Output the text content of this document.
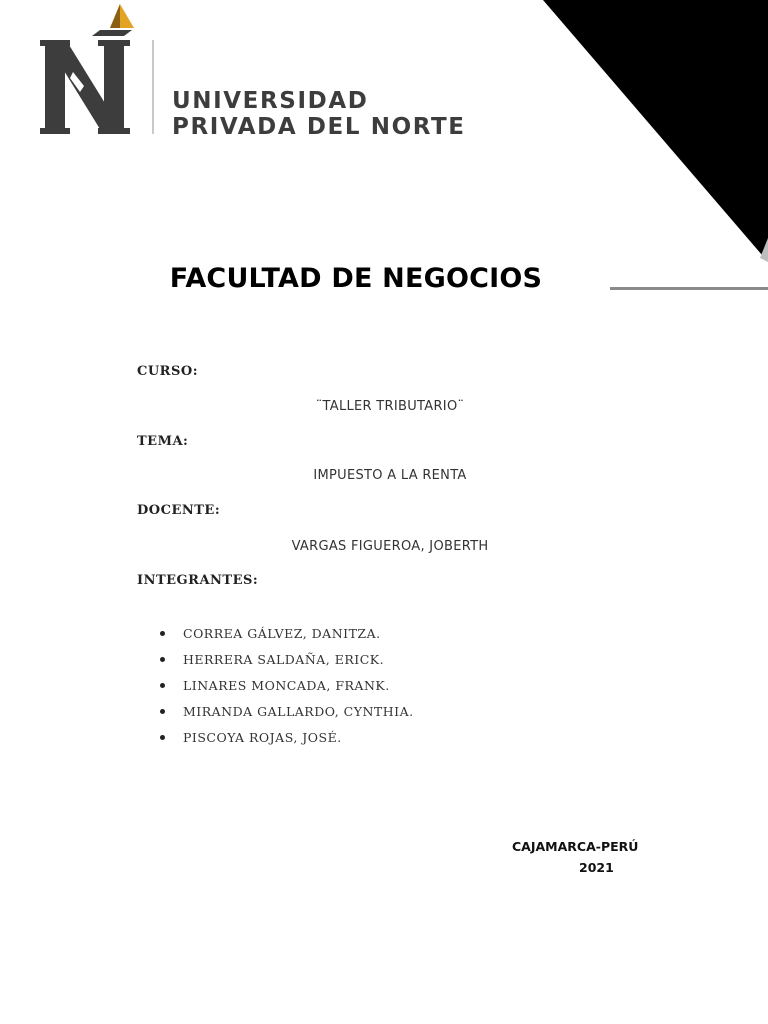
UNIVERSIDAD
PRIVADA DEL NORTE
FACULTAD DE NEGOCIOS
CURSO:
¨TALLER TRIBUTARIO¨
TEMA:
IMPUESTO A LA RENTA
DOCENTE:
VARGAS FIGUEROA, JOBERTH
INTEGRANTES:
CORREA GÁLVEZ, DANITZA.
HERRERA SALDAÑA, ERICK.
LINARES MONCADA, FRANK.
MIRANDA GALLARDO, CYNTHIA.
PISCOYA ROJAS, JOSÉ.
CAJAMARCA-PERÚ
2021
